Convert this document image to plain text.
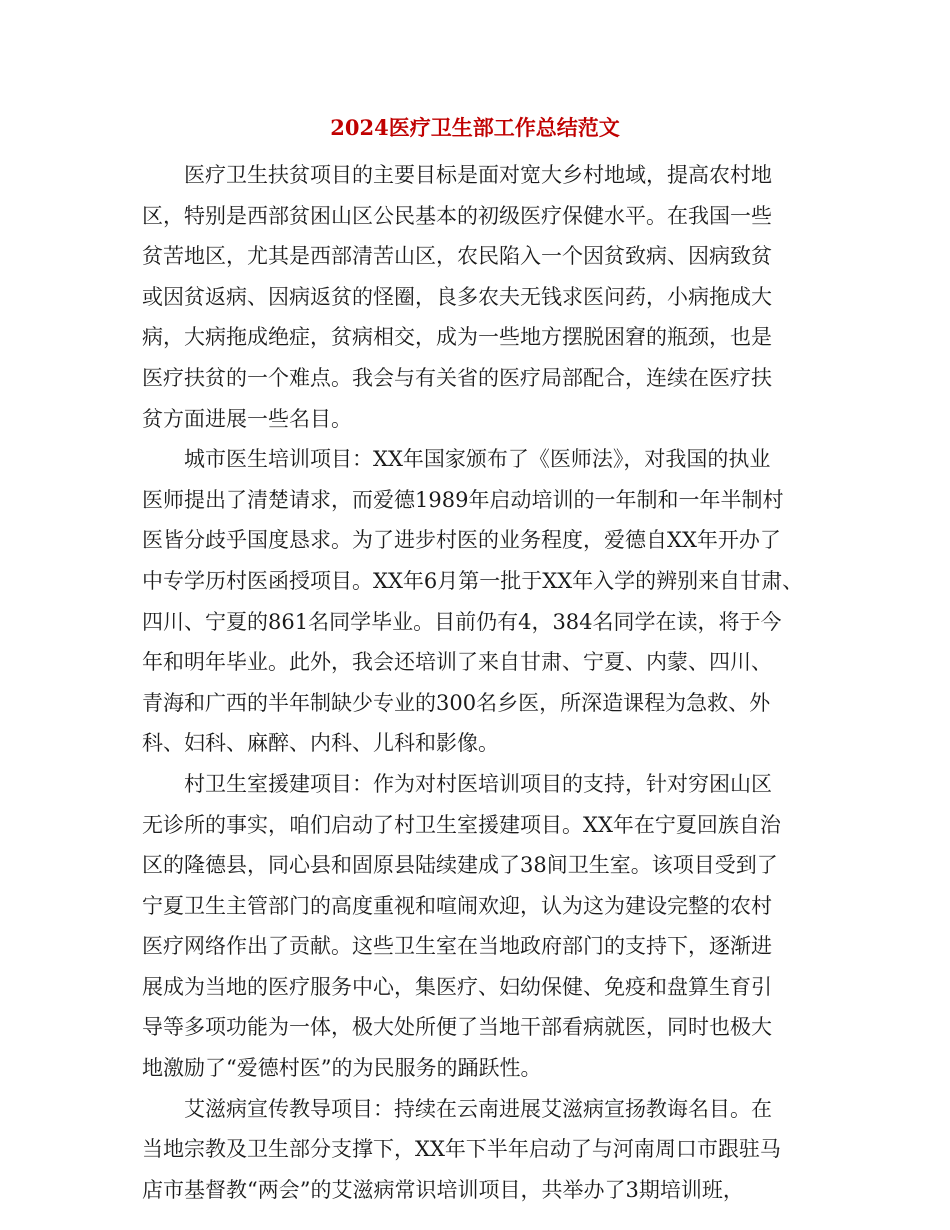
2024医疗卫生部工作总结范文
医疗卫生扶贫项目的主要目标是面对宽大乡村地域，提高农村地
区，特别是西部贫困山区公民基本的初级医疗保健水平。在我国一些
贫苦地区，尤其是西部清苦山区，农民陷入一个因贫致病、因病致贫
或因贫返病、因病返贫的怪圈，良多农夫无钱求医问药，小病拖成大
病，大病拖成绝症，贫病相交，成为一些地方摆脱困窘的瓶颈，也是
医疗扶贫的一个难点。我会与有关省的医疗局部配合，连续在医疗扶
贫方面进展一些名目。
城市医生培训项目：XX年国家颁布了《医师法》，对我国的执业
医师提出了清楚请求，而爱德1989年启动培训的一年制和一年半制村
医皆分歧乎国度恳求。为了进步村医的业务程度，爱德自XX年开办了
中专学历村医函授项目。XX年6月第一批于XX年入学的辨别来自甘肃、
四川、宁夏的861名同学毕业。目前仍有4，384名同学在读，将于今
年和明年毕业。此外，我会还培训了来自甘肃、宁夏、内蒙、四川、
青海和广西的半年制缺少专业的300名乡医，所深造课程为急救、外
科、妇科、麻醉、内科、儿科和影像。
村卫生室援建项目：作为对村医培训项目的支持，针对穷困山区
无诊所的事实，咱们启动了村卫生室援建项目。XX年在宁夏回族自治
区的隆德县，同心县和固原县陆续建成了38间卫生室。该项目受到了
宁夏卫生主管部门的高度重视和喧闹欢迎，认为这为建设完整的农村
医疗网络作出了贡献。这些卫生室在当地政府部门的支持下，逐渐进
展成为当地的医疗服务中心，集医疗、妇幼保健、免疫和盘算生育引
导等多项功能为一体，极大处所便了当地干部看病就医，同时也极大
地激励了“爱德村医”的为民服务的踊跃性。
艾滋病宣传教导项目：持续在云南进展艾滋病宣扬教诲名目。在
当地宗教及卫生部分支撑下，XX年下半年启动了与河南周口市跟驻马
店市基督教“两会”的艾滋病常识培训项目，共举办了3期培训班，
